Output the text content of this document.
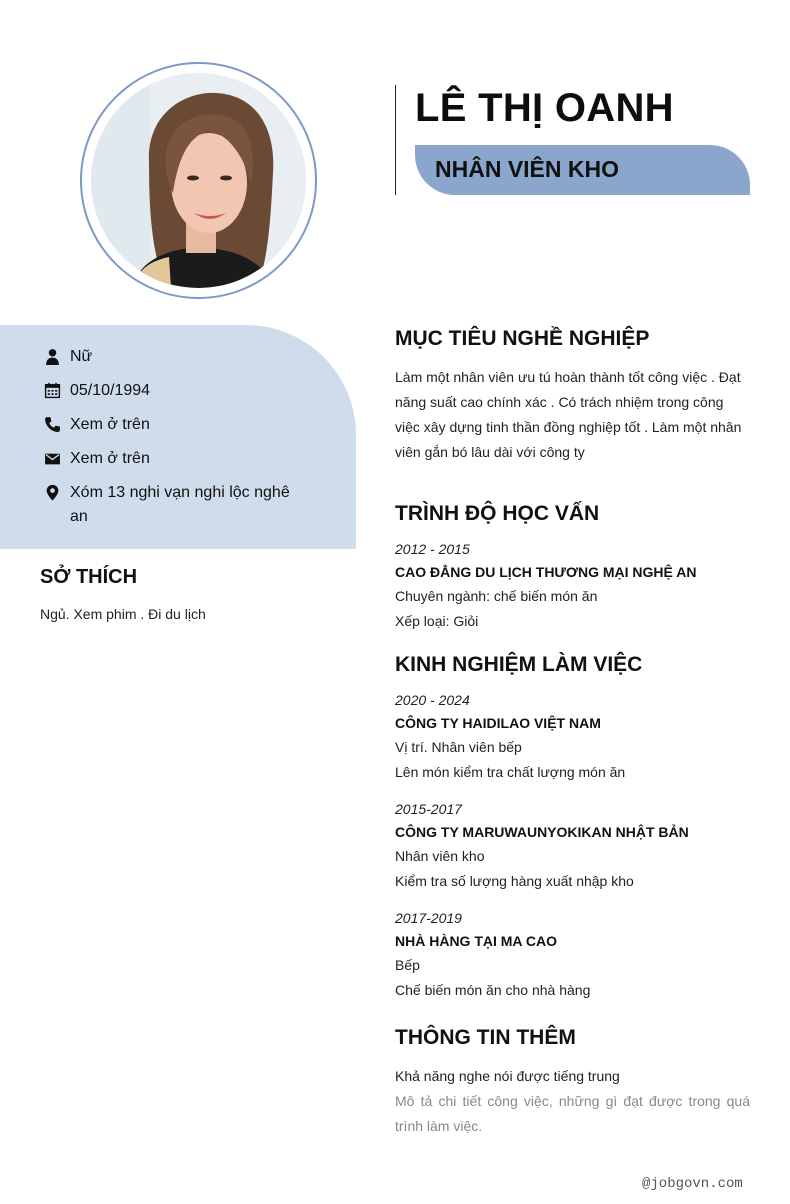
LÊ THỊ OANH
NHÂN VIÊN KHO
Nữ
05/10/1994
Xem ở trên
Xem ở trên
Xóm 13 nghi vạn nghi lộc nghê an
SỞ THÍCH
Ngủ. Xem phim . Đi du lịch
MỤC TIÊU NGHỀ NGHIỆP
Làm một nhân viên ưu tú hoàn thành tốt công việc . Đạt năng suất cao chính xác . Có trách nhiệm trong công việc xây dựng tinh thần đồng nghiệp tốt . Làm một nhân viên gắn bó lâu dài với công ty
TRÌNH ĐỘ HỌC VẤN
2012 - 2015
CAO ĐẲNG DU LỊCH THƯƠNG MẠI NGHỆ AN
Chuyên ngành: chế biến món ăn
Xếp loại: Giỏi
KINH NGHIỆM LÀM VIỆC
2020 - 2024
CÔNG TY HAIDILAO VIỆT NAM
Vị trí. Nhân viên bếp
Lên món kiểm tra chất lượng món ăn
2015-2017
CÔNG TY MARUWAUNYOKIKAN NHẬT BẢN
Nhân viên kho
Kiểm tra số lượng hàng xuất nhập kho
2017-2019
NHÀ HÀNG TẠI MA CAO
Bếp
Chế biến món ăn cho nhà hàng
THÔNG TIN THÊM
Khả năng nghe nói được tiếng trung
Mô tả chi tiết công việc, những gì đạt được trong quá trình làm việc.
@jobgovn.com
